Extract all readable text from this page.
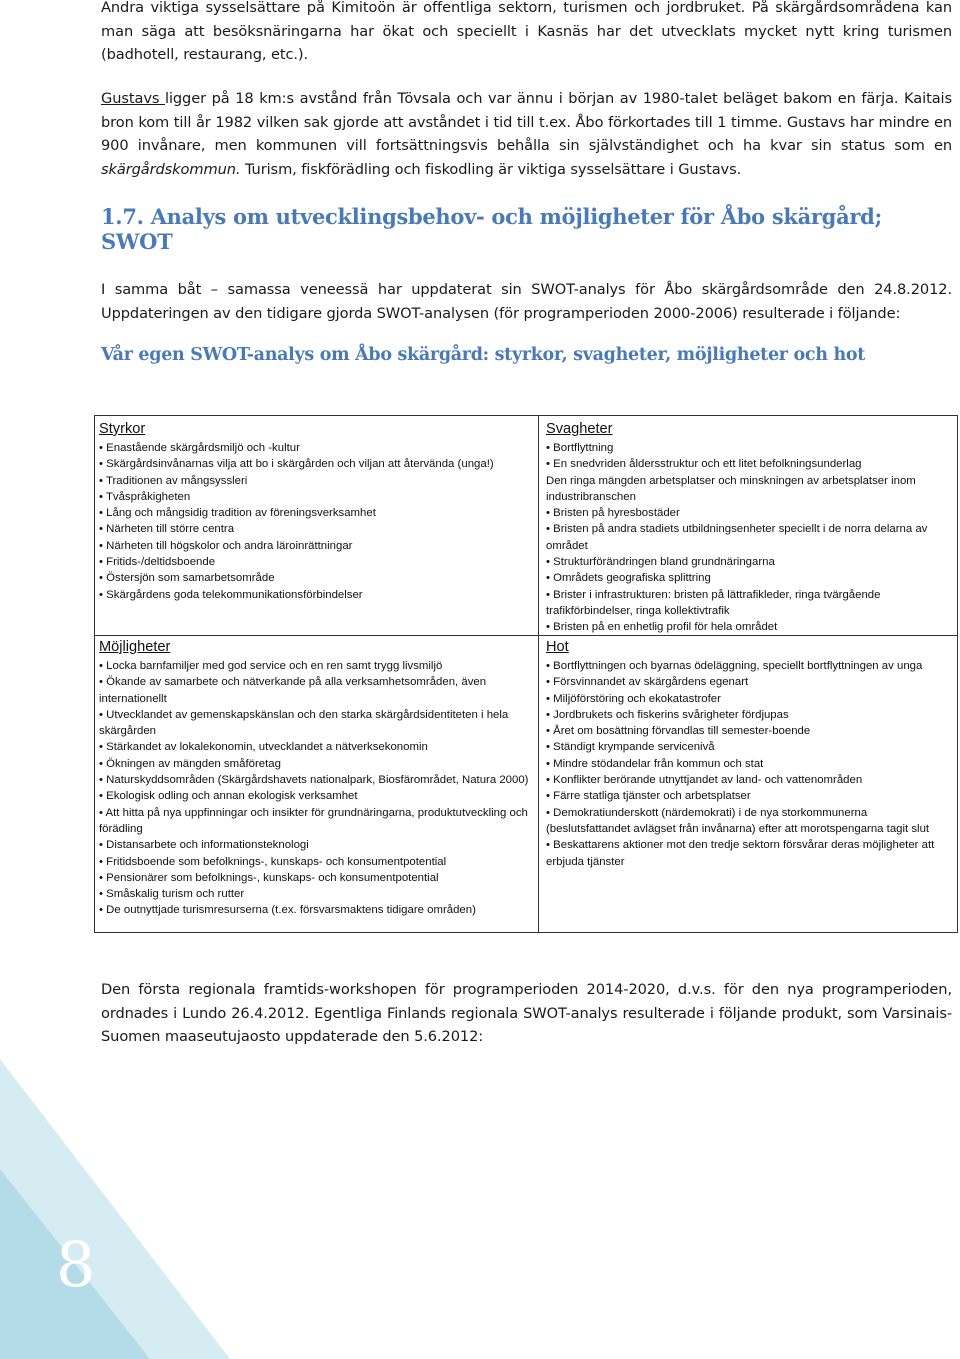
Andra viktiga sysselsättare på Kimitoön är offentliga sektorn, turismen och jordbruket. På skärgårdsområdena kan man säga att besöksnäringarna har ökat och speciellt i Kasnäs har det utvecklats mycket nytt kring turismen (badhotell, restaurang, etc.).

Gustavs ligger på 18 km:s avstånd från Tövsala och var ännu i början av 1980-talet beläget bakom en färja. Kaitais bron kom till år 1982 vilken sak gjorde att avståndet i tid till t.ex. Åbo förkortades till 1 timme. Gustavs har mindre en 900 invånare, men kommunen vill fortsättningsvis behålla sin självständighet och ha kvar sin status som en skärgårdskommun. Turism, fiskförädling och fiskodling är viktiga sysselsättare i Gustavs.

1.7. Analys om utvecklingsbehov- och möjligheter för Åbo skärgård; SWOT

I samma båt – samassa veneessä har uppdaterat sin SWOT-analys för Åbo skärgårdsområde den 24.8.2012. Uppdateringen av den tidigare gjorda SWOT-analysen (för programperioden 2000-2006) resulterade i följande:

Vår egen SWOT-analys om Åbo skärgård: styrkor, svagheter, möjligheter och hot
Styrkor
• Enastående skärgårdsmiljö och -kultur
• Skärgårdsinvånarnas vilja att bo i skärgården och viljan att återvända (unga!)
• Traditionen av mångsyssleri
• Tvåspråkigheten
• Lång och mångsidig tradition av föreningsverksamhet
• Närheten till större centra
• Närheten till högskolor och andra läroinrättningar
• Fritids-/deltidsboende
• Östersjön som samarbetsområde
• Skärgårdens goda telekommunikationsförbindelser
Svagheter
• Bortflyttning
• En snedvriden åldersstruktur och ett litet befolkningsunderlag
Den ringa mängden arbetsplatser och minskningen av arbetsplatser inom industribranschen
• Bristen på hyresbostäder
• Bristen på andra stadiets utbildningsenheter speciellt i de norra delarna av området
• Strukturförändringen bland grundnäringarna
• Områdets geografiska splittring
• Brister i infrastrukturen: bristen på lättrafikleder, ringa tvärgående trafikförbindelser, ringa kollektivtrafik
• Bristen på en enhetlig profil för hela området
Möjligheter
• Locka barnfamiljer med god service och en ren samt trygg livsmiljö
• Ökande av samarbete och nätverkande på alla verksamhetsområden, även internationellt
• Utvecklandet av gemenskapskänslan och den starka skärgårdsidentiteten i hela skärgården
• Stärkandet av lokalekonomin, utvecklandet a nätverksekonomin
• Ökningen av mängden småföretag
• Naturskyddsområden (Skärgårdshavets nationalpark, Biosfärområdet, Natura 2000)
• Ekologisk odling och annan ekologisk verksamhet
• Att hitta på nya uppfinningar och insikter för grundnäringarna, produktutveckling och förädling
• Distansarbete och informationsteknologi
• Fritidsboende som befolknings-, kunskaps- och konsumentpotential
• Pensionärer som befolknings-, kunskaps- och konsumentpotential
• Småskalig turism och rutter
• De outnyttjade turismresurserna (t.ex. försvarsmaktens tidigare områden)
Hot
• Bortflyttningen och byarnas ödeläggning, speciellt bortflyttningen av unga
• Försvinnandet av skärgårdens egenart
• Miljöförstöring och ekokatastrofer
• Jordbrukets och fiskerins svårigheter fördjupas
• Året om bosättning förvandlas till semester-boende
• Ständigt krympande servicenivå
• Mindre stödandelar från kommun och stat
• Konflikter berörande utnyttjandet av land- och vattenområden
• Färre statliga tjänster och arbetsplatser
• Demokratiunderskott (närdemokrati) i de nya storkommunerna (beslutsfattandet avlägset från invånarna) efter att morotspengarna tagit slut
• Beskattarens aktioner mot den tredje sektorn försvårar deras möjligheter att erbjuda tjänster

Den första regionala framtids-workshopen för programperioden 2014-2020, d.v.s. för den nya programperioden, ordnades i Lundo 26.4.2012. Egentliga Finlands regionala SWOT-analys resulterade i följande produkt, som Varsinais-Suomen maaseutujaosto uppdaterade den 5.6.2012:

8
